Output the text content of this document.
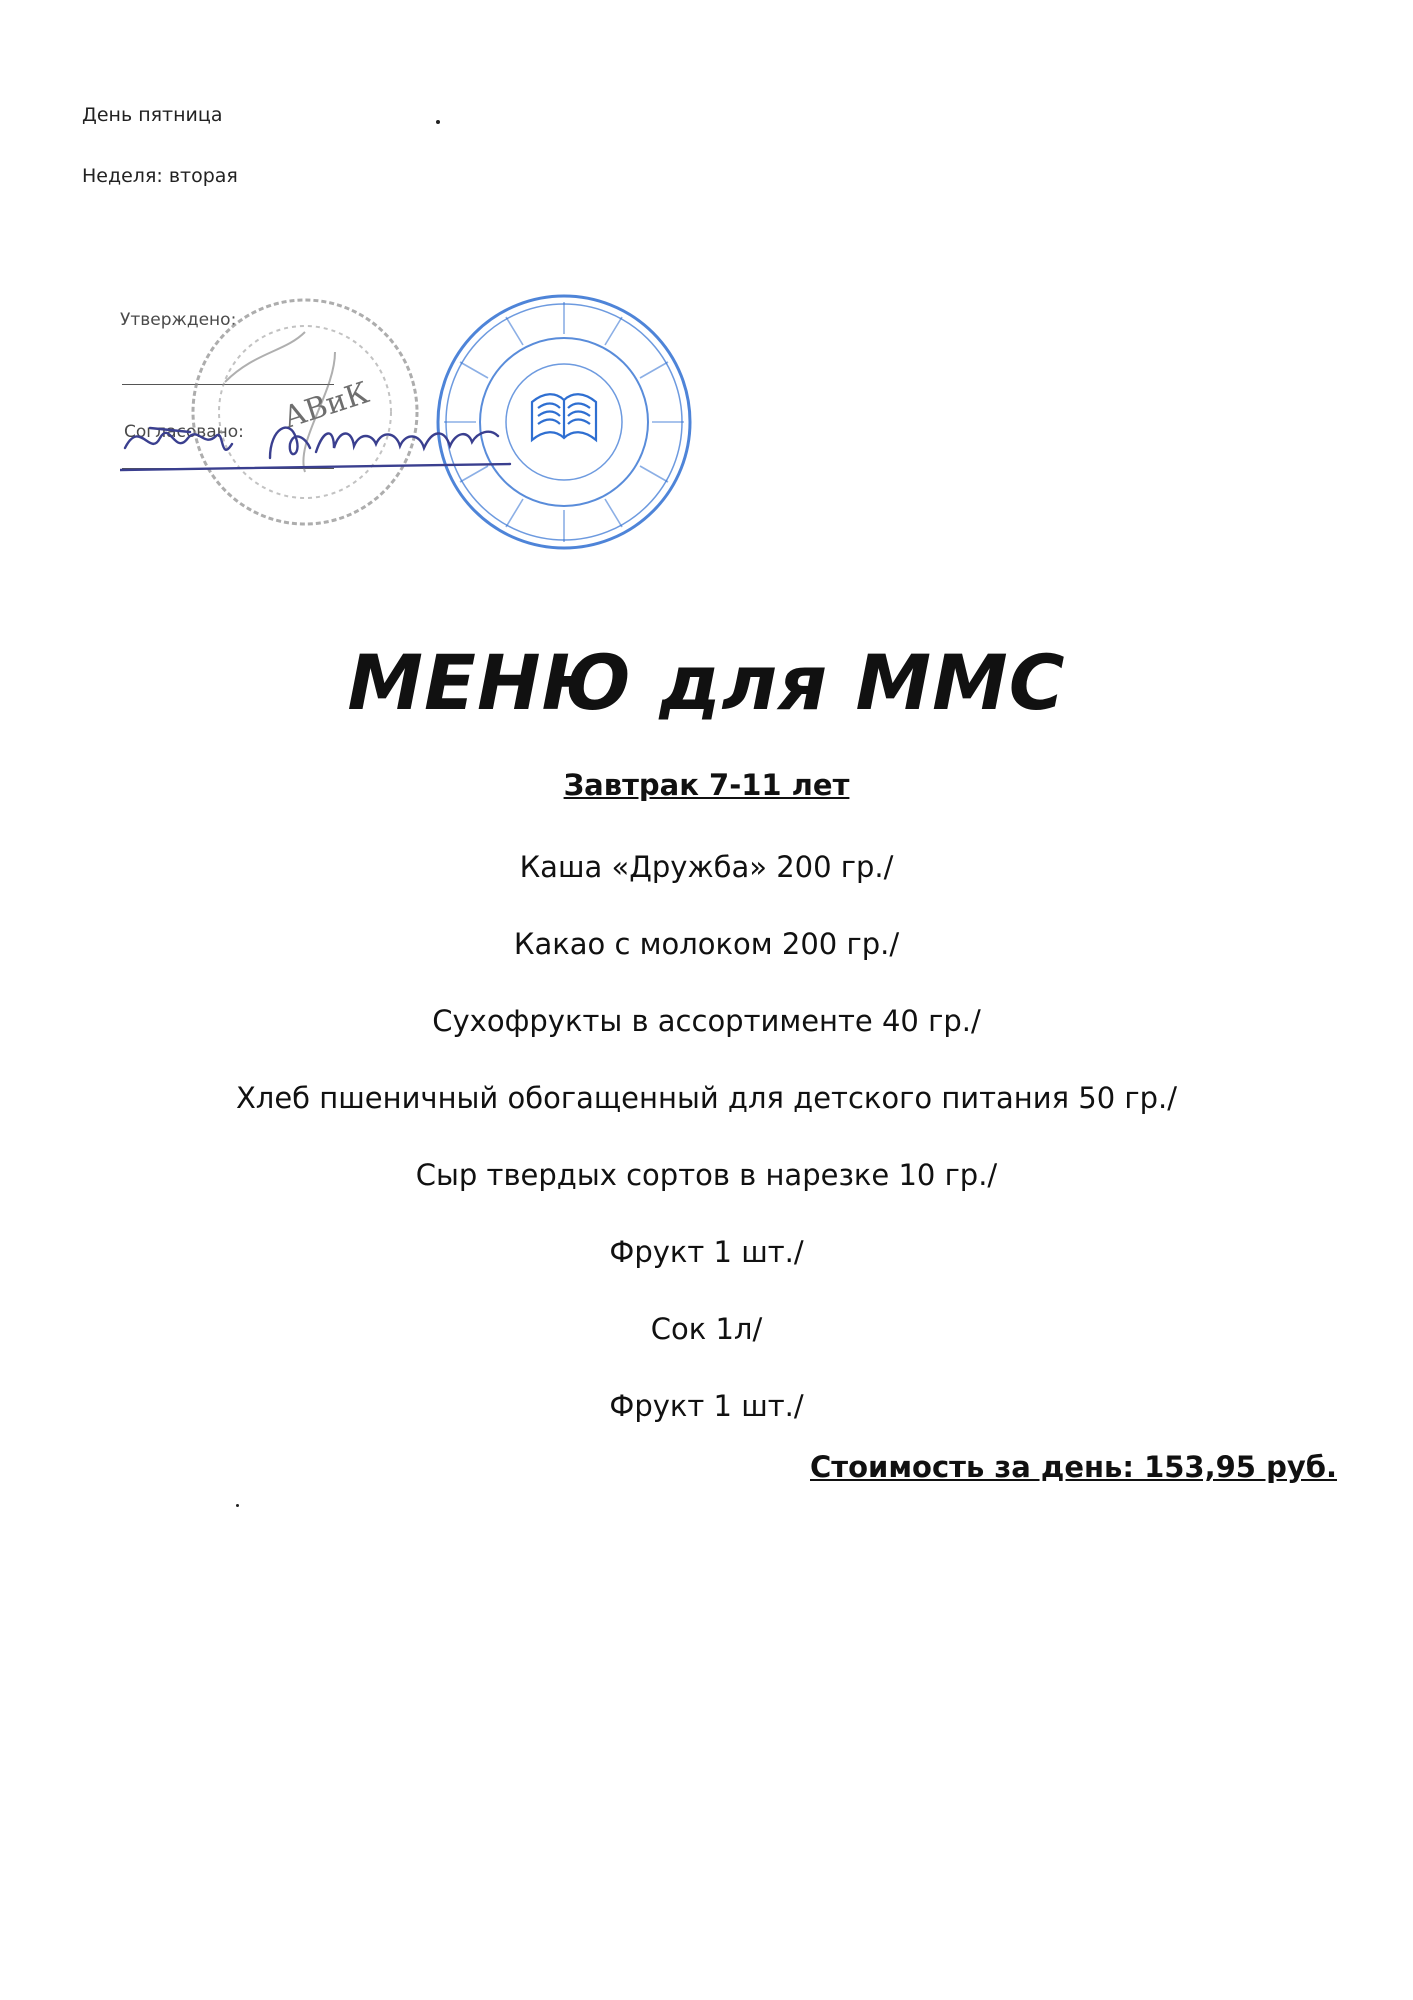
День пятница
Неделя: вторая
Утверждено:
Согласовано: АВиК
МЕНЮ для ММС
Завтрак 7-11 лет
Каша «Дружба» 200 гр./
Какао с молоком 200 гр./
Сухофрукты в ассортименте 40 гр./
Хлеб пшеничный обогащенный для детского питания 50 гр./
Сыр твердых сортов в нарезке 10 гр./
Фрукт 1 шт./
Сок 1л/
Фрукт 1 шт./
Стоимость за день: 153,95 руб.
